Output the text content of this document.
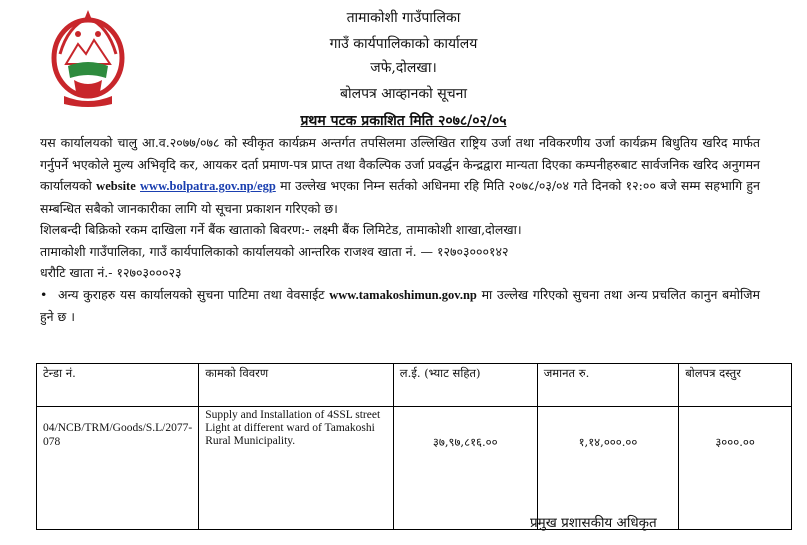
तामाकोशी गाउँपालिका
गाउँ कार्यपालिकाको कार्यालय
जफे,दोलखा।
बोलपत्र आव्हानको सूचना
प्रथम पटक प्रकाशित मिति २०७८/०२/०५

यस कार्यालयको चालु आ.व.२०७७/०७८ को स्वीकृत कार्यक्रम अन्तर्गत तपसिलमा उल्लिखित राष्ट्रिय उर्जा तथा नविकरणीय उर्जा कार्यक्रम बिधुतिय खरिद मार्फत गर्नुपर्ने भएकोले मुल्य अभिवृदि कर, आयकर दर्ता प्रमाण-पत्र प्राप्त तथा वैकल्पिक उर्जा प्रवर्द्धन केन्द्रद्वारा मान्यता दिएका कम्पनीहरुबाट सार्वजनिक खरिद अनुगमन कार्यालयको website www.bolpatra.gov.np/egp मा उल्लेख भएका निम्न सर्तको अधिनमा रहि मिति २०७८/०३/०४ गते दिनको १२:०० बजे सम्म सहभागि हुन सम्बन्धित सबैको जानकारीका लागि यो सूचना प्रकाशन गरिएको छ।

शिलबन्दी बिक्रिको रकम दाखिला गर्ने बैंक खाताको बिवरण:- लक्ष्मी बैंक लिमिटेड, तामाकोशी शाखा,दोलखा।

तामाकोशी गाउँपालिका, गाउँ कार्यपालिकाको कार्यालयको आन्तरिक राजश्व खाता नं. — १२७०३०००१४२

धरौटि खाता नं.- १२७०३०००२३

• अन्य कुराहरु यस कार्यालयको सुचना पाटिमा तथा वेवसाईट www.tamakoshimun.gov.np मा उल्लेख गरिएको सुचना तथा अन्य प्रचलित कानुन बमोजिम हुने छ ।

टेन्डा नं.	कामको विवरण	ल.ई. (भ्याट सहित)	जमानत रु.	बोलपत्र दस्तुर
04/NCB/TRM/Goods/S.L/2077-078	Supply and Installation of 4SSL street Light at different ward of Tamakoshi Rural Municipality.	३७,९७,८१६.००	१,१४,०००.००	३०००.००
प्रमुख प्रशासकीय अधिकृत
